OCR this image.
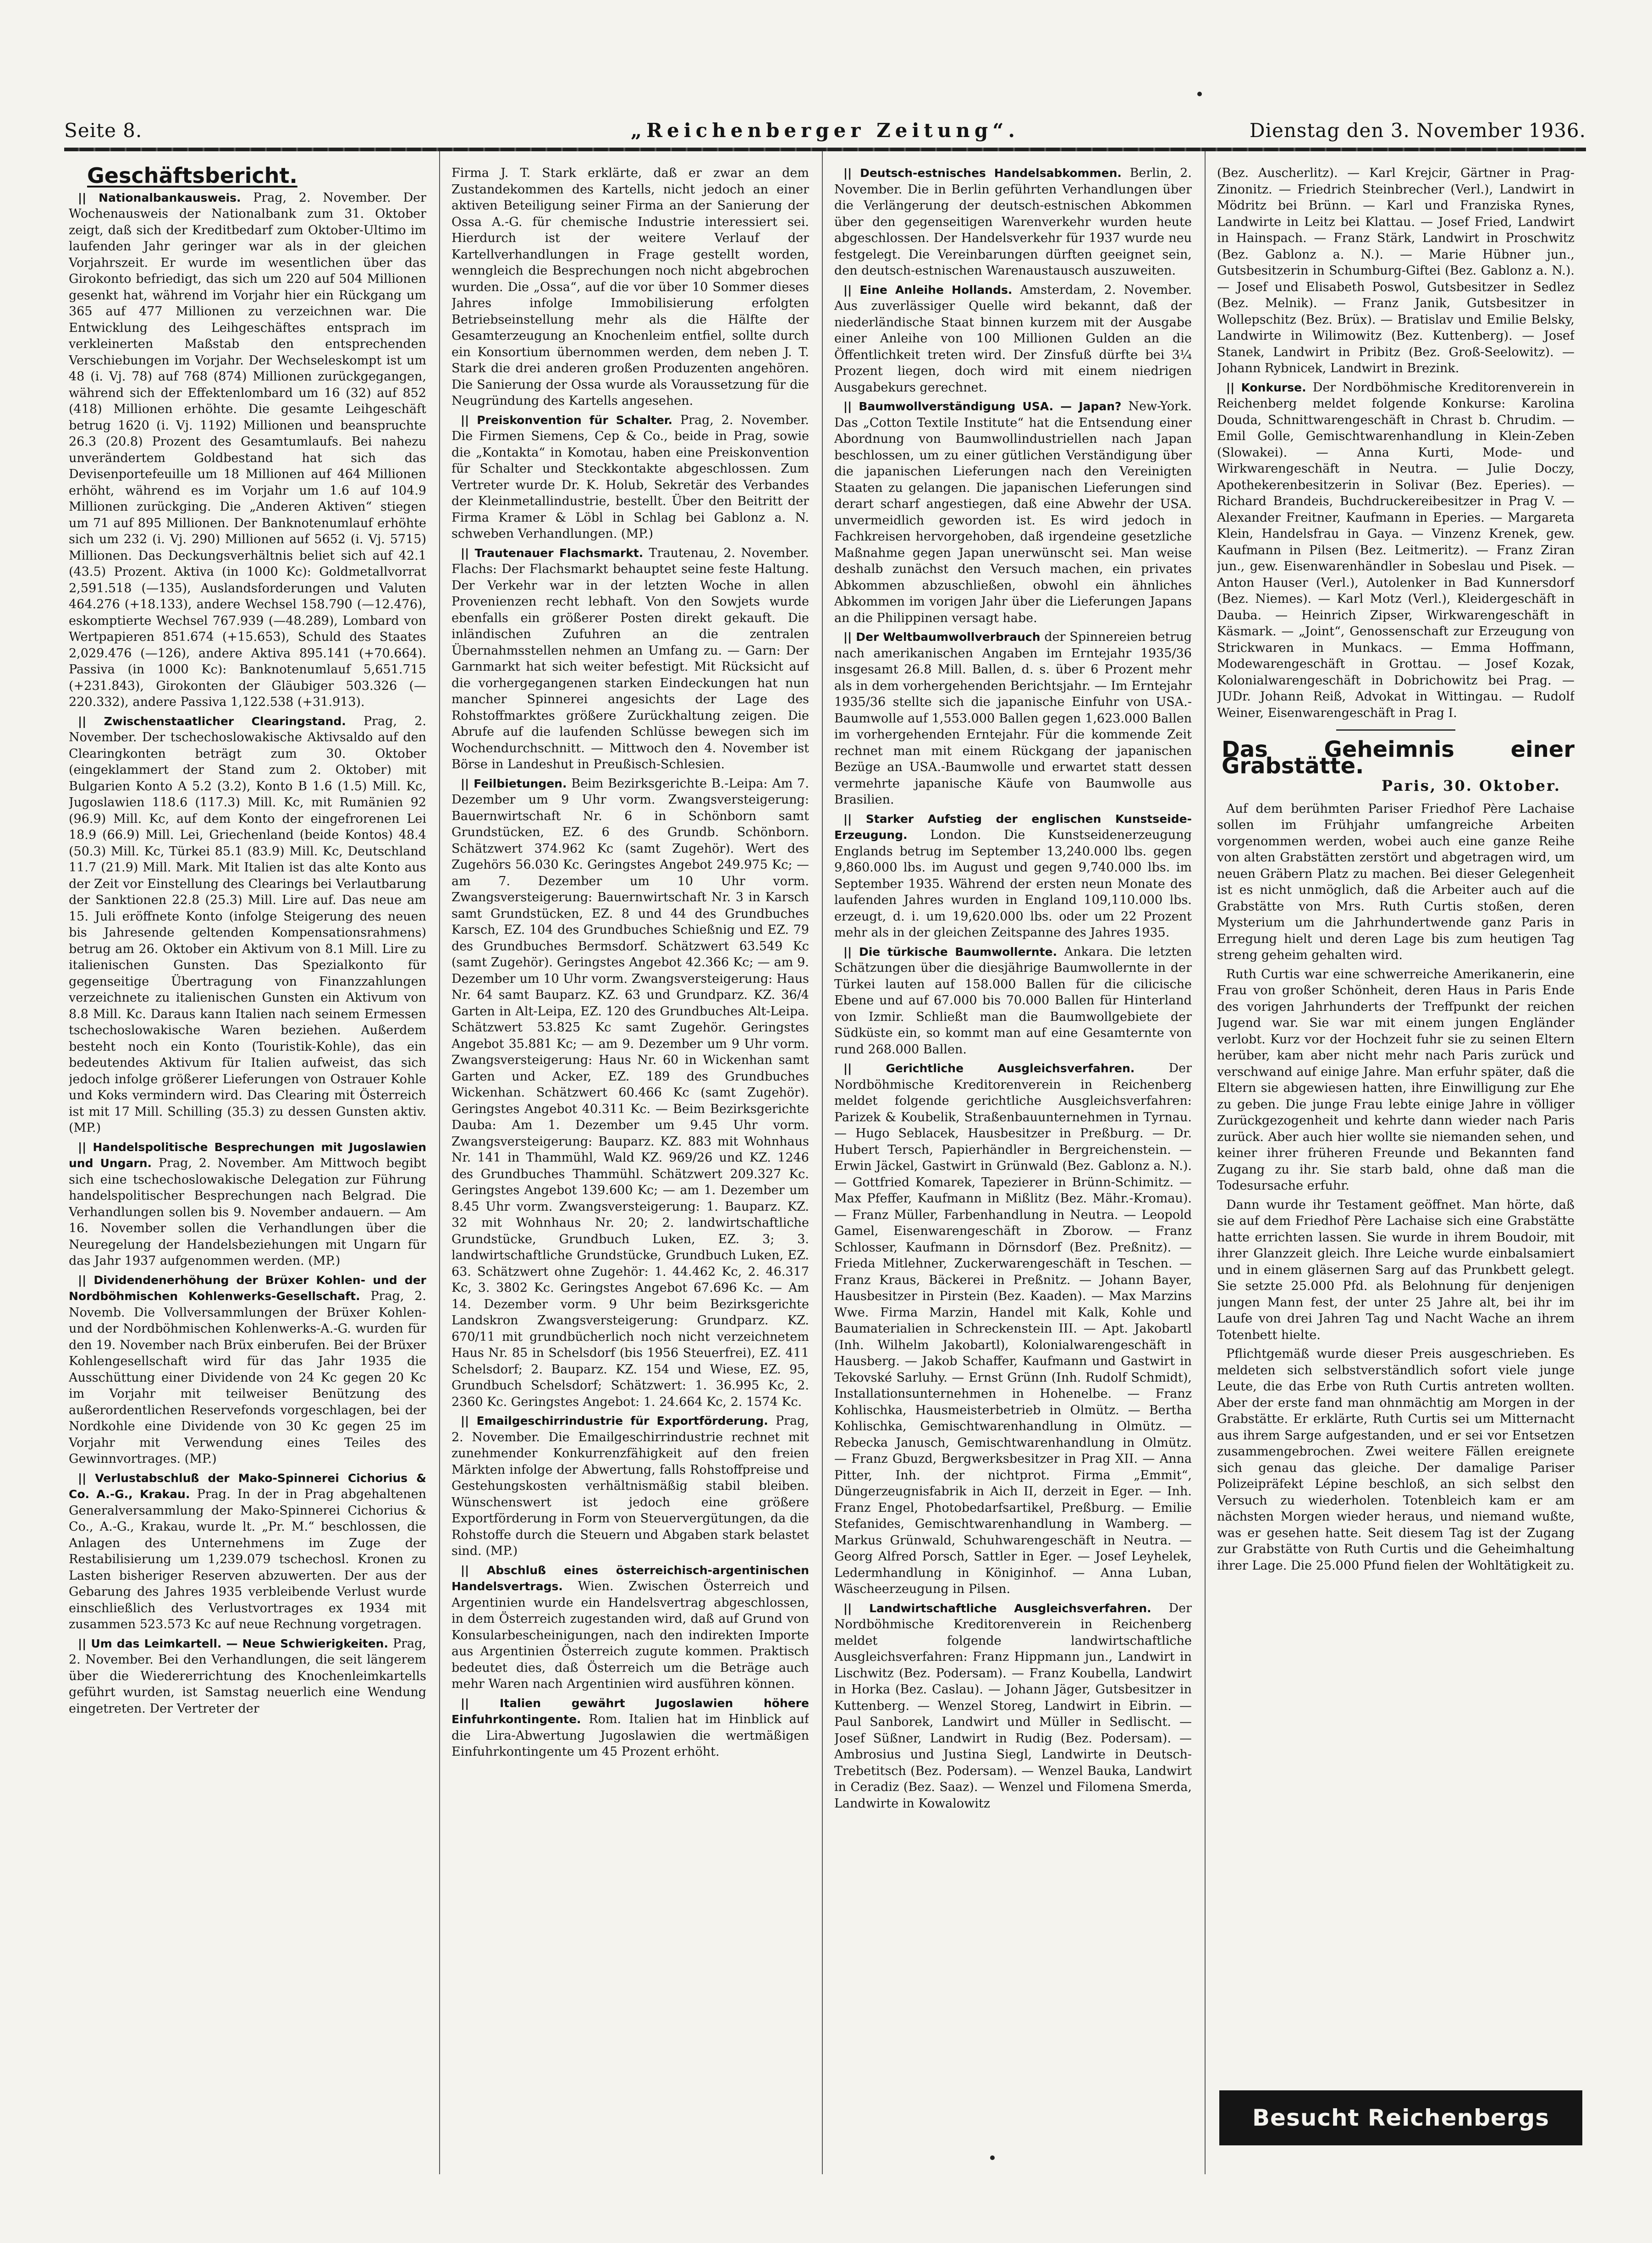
Seite 8.	„Reichenberger Zeitung“.	Dienstag den 3. November 1936.
Geschäftsbericht.

|| Nationalbankausweis. Prag, 2. November. Der Wochenausweis der Nationalbank zum 31. Oktober zeigt, daß sich der Kreditbedarf zum Oktober-Ultimo im laufenden Jahr geringer war als in der gleichen Vorjahrszeit. Er wurde im wesentlichen über das Girokonto befriedigt, das sich um 220 auf 504 Millionen gesenkt hat, während im Vorjahr hier ein Rückgang um 365 auf 477 Millionen zu verzeichnen war. Die Entwicklung des Leihgeschäftes entsprach im verkleinerten Maßstab den entsprechenden Verschiebungen im Vorjahr. Der Wechseleskompt ist um 48 (i. Vj. 78) auf 768 (874) Millionen zurückgegangen, während sich der Effektenlombard um 16 (32) auf 852 (418) Millionen erhöhte. Die gesamte Leihgeschäft betrug 1620 (i. Vj. 1192) Millionen und beanspruchte 26.3 (20.8) Prozent des Gesamtumlaufs. Bei nahezu unverändertem Goldbestand hat sich das Devisenportefeuille um 18 Millionen auf 464 Millionen erhöht, während es im Vorjahr um 1.6 auf 104.9 Millionen zurückging. Die „Anderen Aktiven“ stiegen um 71 auf 895 Millionen. Der Banknotenumlauf erhöhte sich um 232 (i. Vj. 290) Millionen auf 5652 (i. Vj. 5715) Millionen. Das Deckungsverhältnis beliet sich auf 42.1 (43.5) Prozent. Aktiva (in 1000 Kc): Goldmetallvorrat 2,591.518 (—135), Auslandsforderungen und Valuten 464.276 (+18.133), andere Wechsel 158.790 (—12.476), eskomptierte Wechsel 767.939 (—48.289), Lombard von Wertpapieren 851.674 (+15.653), Schuld des Staates 2,029.476 (—126), andere Aktiva 895.141 (+70.664). Passiva (in 1000 Kc): Banknotenumlauf 5,651.715 (+231.843), Girokonten der Gläubiger 503.326 (—220.332), andere Passiva 1,122.538 (+31.913).

|| Zwischenstaatlicher Clearingstand. Prag, 2. November. Der tschechoslowakische Aktivsaldo auf den Clearingkonten beträgt zum 30. Oktober (eingeklammert der Stand zum 2. Oktober) mit Bulgarien Konto A 5.2 (3.2), Konto B 1.6 (1.5) Mill. Kc, Jugoslawien 118.6 (117.3) Mill. Kc, mit Rumänien 92 (96.9) Mill. Kc, auf dem Konto der eingefrorenen Lei 18.9 (66.9) Mill. Lei, Griechenland (beide Kontos) 48.4 (50.3) Mill. Kc, Türkei 85.1 (83.9) Mill. Kc, Deutschland 11.7 (21.9) Mill. Mark. Mit Italien ist das alte Konto aus der Zeit vor Einstellung des Clearings bei Verlautbarung der Sanktionen 22.8 (25.3) Mill. Lire auf. Das neue am 15. Juli eröffnete Konto (infolge Steigerung des neuen bis Jahresende geltenden Kompensationsrahmens) betrug am 26. Oktober ein Aktivum von 8.1 Mill. Lire zu italienischen Gunsten. Das Spezialkonto für gegenseitige Übertragung von Finanzzahlungen verzeichnete zu italienischen Gunsten ein Aktivum von 8.8 Mill. Kc. Daraus kann Italien nach seinem Ermessen tschechoslowakische Waren beziehen. Außerdem besteht noch ein Konto (Touristik-Kohle), das ein bedeutendes Aktivum für Italien aufweist, das sich jedoch infolge größerer Lieferungen von Ostrauer Kohle und Koks vermindern wird. Das Clearing mit Österreich ist mit 17 Mill. Schilling (35.3) zu dessen Gunsten aktiv. (MP.)

|| Handelspolitische Besprechungen mit Jugoslawien und Ungarn. Prag, 2. November. Am Mittwoch begibt sich eine tschechoslowakische Delegation zur Führung handelspolitischer Besprechungen nach Belgrad. Die Verhandlungen sollen bis 9. November andauern. — Am 16. November sollen die Verhandlungen über die Neuregelung der Handelsbeziehungen mit Ungarn für das Jahr 1937 aufgenommen werden. (MP.)

|| Dividendenerhöhung der Brüxer Kohlen- und der Nordböhmischen Kohlenwerks-Gesellschaft. Prag, 2. Novemb. Die Vollversammlungen der Brüxer Kohlen- und der Nordböhmischen Kohlenwerks-A.-G. wurden für den 19. November nach Brüx einberufen. Bei der Brüxer Kohlengesellschaft wird für das Jahr 1935 die Ausschüttung einer Dividende von 24 Kc gegen 20 Kc im Vorjahr mit teilweiser Benützung des außerordentlichen Reservefonds vorgeschlagen, bei der Nordkohle eine Dividende von 30 Kc gegen 25 im Vorjahr mit Verwendung eines Teiles des Gewinnvortrages. (MP.)

|| Verlustabschluß der Mako-Spinnerei Cichorius & Co. A.-G., Krakau. Prag. In der in Prag abgehaltenen Generalversammlung der Mako-Spinnerei Cichorius & Co., A.-G., Krakau, wurde lt. „Pr. M.“ beschlossen, die Anlagen des Unternehmens im Zuge der Restabilisierung um 1,239.079 tschechosl. Kronen zu Lasten bisheriger Reserven abzuwerten. Der aus der Gebarung des Jahres 1935 verbleibende Verlust wurde einschließlich des Verlustvortrages ex 1934 mit zusammen 523.573 Kc auf neue Rechnung vorgetragen.

|| Um das Leimkartell. — Neue Schwierigkeiten. Prag, 2. November. Bei den Verhandlungen, die seit längerem über die Wiedererrichtung des Knochenleimkartells geführt wurden, ist Samstag neuerlich eine Wendung eingetreten. Der Vertreter der

Firma J. T. Stark erklärte, daß er zwar an dem Zustandekommen des Kartells, nicht jedoch an einer aktiven Beteiligung seiner Firma an der Sanierung der Ossa A.-G. für chemische Industrie interessiert sei. Hierdurch ist der weitere Verlauf der Kartellverhandlungen in Frage gestellt worden, wenngleich die Besprechungen noch nicht abgebrochen wurden. Die „Ossa“, auf die vor über 10 Sommer dieses Jahres infolge Immobilisierung erfolgten Betriebseinstellung mehr als die Hälfte der Gesamterzeugung an Knochenleim entfiel, sollte durch ein Konsortium übernommen werden, dem neben J. T. Stark die drei anderen großen Produzenten angehören. Die Sanierung der Ossa wurde als Voraussetzung für die Neugründung des Kartells angesehen.

|| Preiskonvention für Schalter. Prag, 2. November. Die Firmen Siemens, Cep & Co., beide in Prag, sowie die „Kontakta“ in Komotau, haben eine Preiskonvention für Schalter und Steckkontakte abgeschlossen. Zum Vertreter wurde Dr. K. Holub, Sekretär des Verbandes der Kleinmetallindustrie, bestellt. Über den Beitritt der Firma Kramer & Löbl in Schlag bei Gablonz a. N. schweben Verhandlungen. (MP.)

|| Trautenauer Flachsmarkt. Trautenau, 2. November. Flachs: Der Flachsmarkt behauptet seine feste Haltung. Der Verkehr war in der letzten Woche in allen Provenienzen recht lebhaft. Von den Sowjets wurde ebenfalls ein größerer Posten direkt gekauft. Die inländischen Zufuhren an die zentralen Übernahmsstellen nehmen an Umfang zu. — Garn: Der Garnmarkt hat sich weiter befestigt. Mit Rücksicht auf die vorhergegangenen starken Eindeckungen hat nun mancher Spinnerei angesichts der Lage des Rohstoffmarktes größere Zurückhaltung zeigen. Die Abrufe auf die laufenden Schlüsse bewegen sich im Wochendurchschnitt. — Mittwoch den 4. November ist Börse in Landeshut in Preußisch-Schlesien.

|| Feilbietungen. Beim Bezirksgerichte B.-Leipa: Am 7. Dezember um 9 Uhr vorm. Zwangsversteigerung: Bauernwirtschaft Nr. 6 in Schönborn samt Grundstücken, EZ. 6 des Grundb. Schönborn. Schätzwert 374.962 Kc (samt Zugehör). Wert des Zugehörs 56.030 Kc. Geringstes Angebot 249.975 Kc; — am 7. Dezember um 10 Uhr vorm. Zwangsversteigerung: Bauernwirtschaft Nr. 3 in Karsch samt Grundstücken, EZ. 8 und 44 des Grundbuches Karsch, EZ. 104 des Grundbuches Schießnig und EZ. 79 des Grundbuches Bermsdorf. Schätzwert 63.549 Kc (samt Zugehör). Geringstes Angebot 42.366 Kc; — am 9. Dezember um 10 Uhr vorm. Zwangsversteigerung: Haus Nr. 64 samt Bauparz. KZ. 63 und Grundparz. KZ. 36/4 Garten in Alt-Leipa, EZ. 120 des Grundbuches Alt-Leipa. Schätzwert 53.825 Kc samt Zugehör. Geringstes Angebot 35.881 Kc; — am 9. Dezember um 9 Uhr vorm. Zwangsversteigerung: Haus Nr. 60 in Wickenhan samt Garten und Acker, EZ. 189 des Grundbuches Wickenhan. Schätzwert 60.466 Kc (samt Zugehör). Geringstes Angebot 40.311 Kc. — Beim Bezirksgerichte Dauba: Am 1. Dezember um 9.45 Uhr vorm. Zwangsversteigerung: Bauparz. KZ. 883 mit Wohnhaus Nr. 141 in Thammühl, Wald KZ. 969/26 und KZ. 1246 des Grundbuches Thammühl. Schätzwert 209.327 Kc. Geringstes Angebot 139.600 Kc; — am 1. Dezember um 8.45 Uhr vorm. Zwangsversteigerung: 1. Bauparz. KZ. 32 mit Wohnhaus Nr. 20; 2. landwirtschaftliche Grundstücke, Grundbuch Luken, EZ. 3; 3. landwirtschaftliche Grundstücke, Grundbuch Luken, EZ. 63. Schätzwert ohne Zugehör: 1. 44.462 Kc, 2. 46.317 Kc, 3. 3802 Kc. Geringstes Angebot 67.696 Kc. — Am 14. Dezember vorm. 9 Uhr beim Bezirksgerichte Landskron Zwangsversteigerung: Grundparz. KZ. 670/11 mit grundbücherlich noch nicht verzeichnetem Haus Nr. 85 in Schelsdorf (bis 1956 Steuerfrei), EZ. 411 Schelsdorf; 2. Bauparz. KZ. 154 und Wiese, EZ. 95, Grundbuch Schelsdorf; Schätzwert: 1. 36.995 Kc, 2. 2360 Kc. Geringstes Angebot: 1. 24.664 Kc, 2. 1574 Kc.

|| Emailgeschirrindustrie für Exportförderung. Prag, 2. November. Die Emailgeschirrindustrie rechnet mit zunehmender Konkurrenzfähigkeit auf den freien Märkten infolge der Abwertung, falls Rohstoffpreise und Gestehungskosten verhältnismäßig stabil bleiben. Wünschenswert ist jedoch eine größere Exportförderung in Form von Steuervergütungen, da die Rohstoffe durch die Steuern und Abgaben stark belastet sind. (MP.)

|| Abschluß eines österreichisch-argentinischen Handelsvertrags. Wien. Zwischen Österreich und Argentinien wurde ein Handelsvertrag abgeschlossen, in dem Österreich zugestanden wird, daß auf Grund von Konsularbescheinigungen, nach den indirekten Importe aus Argentinien Österreich zugute kommen. Praktisch bedeutet dies, daß Österreich um die Beträge auch mehr Waren nach Argentinien wird ausführen können.

|| Italien gewährt Jugoslawien höhere Einfuhrkontingente. Rom. Italien hat im Hinblick auf die Lira-Abwertung Jugoslawien die wertmäßigen Einfuhrkontingente um 45 Prozent erhöht.

|| Deutsch-estnisches Handelsabkommen. Berlin, 2. November. Die in Berlin geführten Verhandlungen über die Verlängerung der deutsch-estnischen Abkommen über den gegenseitigen Warenverkehr wurden heute abgeschlossen. Der Handelsverkehr für 1937 wurde neu festgelegt. Die Vereinbarungen dürften geeignet sein, den deutsch-estnischen Warenaustausch auszuweiten.

|| Eine Anleihe Hollands. Amsterdam, 2. November. Aus zuverlässiger Quelle wird bekannt, daß der niederländische Staat binnen kurzem mit der Ausgabe einer Anleihe von 100 Millionen Gulden an die Öffentlichkeit treten wird. Der Zinsfuß dürfte bei 3¼ Prozent liegen, doch wird mit einem niedrigen Ausgabekurs gerechnet.

|| Baumwollverständigung USA. — Japan? New-York. Das „Cotton Textile Institute“ hat die Entsendung einer Abordnung von Baumwollindustriellen nach Japan beschlossen, um zu einer gütlichen Verständigung über die japanischen Lieferungen nach den Vereinigten Staaten zu gelangen. Die japanischen Lieferungen sind derart scharf angestiegen, daß eine Abwehr der USA. unvermeidlich geworden ist. Es wird jedoch in Fachkreisen hervorgehoben, daß irgendeine gesetzliche Maßnahme gegen Japan unerwünscht sei. Man weise deshalb zunächst den Versuch machen, ein privates Abkommen abzuschließen, obwohl ein ähnliches Abkommen im vorigen Jahr über die Lieferungen Japans an die Philippinen versagt habe.

|| Der Weltbaumwollverbrauch der Spinnereien betrug nach amerikanischen Angaben im Erntejahr 1935/36 insgesamt 26.8 Mill. Ballen, d. s. über 6 Prozent mehr als in dem vorhergehenden Berichtsjahr. — Im Erntejahr 1935/36 stellte sich die japanische Einfuhr von USA.-Baumwolle auf 1,553.000 Ballen gegen 1,623.000 Ballen im vorhergehenden Erntejahr. Für die kommende Zeit rechnet man mit einem Rückgang der japanischen Bezüge an USA.-Baumwolle und erwartet statt dessen vermehrte japanische Käufe von Baumwolle aus Brasilien.

|| Starker Aufstieg der englischen Kunstseide-Erzeugung. London. Die Kunstseidenerzeugung Englands betrug im September 13,240.000 lbs. gegen 9,860.000 lbs. im August und gegen 9,740.000 lbs. im September 1935. Während der ersten neun Monate des laufenden Jahres wurden in England 109,110.000 lbs. erzeugt, d. i. um 19,620.000 lbs. oder um 22 Prozent mehr als in der gleichen Zeitspanne des Jahres 1935.

|| Die türkische Baumwollernte. Ankara. Die letzten Schätzungen über die diesjährige Baumwollernte in der Türkei lauten auf 158.000 Ballen für die cilicische Ebene und auf 67.000 bis 70.000 Ballen für Hinterland von Izmir. Schließt man die Baumwollgebiete der Südküste ein, so kommt man auf eine Gesamternte von rund 268.000 Ballen.

|| Gerichtliche Ausgleichsverfahren.	Der Nordböhmische Kreditorenverein in Reichenberg meldet folgende gerichtliche Ausgleichsverfahren: Parizek & Koubelik, Straßenbauunternehmen in Tyrnau. — Hugo Seblacek, Hausbesitzer in Preßburg. — Dr. Hubert Tersch, Papierhändler in Bergreichenstein. — Erwin Jäckel, Gastwirt in Grünwald (Bez. Gablonz a. N.). — Gottfried Komarek, Tapezierer in Brünn-Schimitz. — Max Pfeffer, Kaufmann in Mißlitz (Bez. Mähr.-Kromau). — Franz Müller, Farbenhandlung in Neutra. — Leopold Gamel, Eisenwarengeschäft in Zborow. — Franz Schlosser, Kaufmann in Dörnsdorf (Bez. Preßnitz). — Frieda Mitlehner, Zuckerwarengeschäft in Teschen. — Franz Kraus, Bäckerei in Preßnitz. — Johann Bayer, Hausbesitzer in Pirstein (Bez. Kaaden). — Max Marzins Wwe. Firma Marzin, Handel mit Kalk, Kohle und Baumaterialien in Schreckenstein III. — Apt. Jakobartl (Inh. Wilhelm Jakobartl), Kolonialwarengeschäft in Hausberg. — Jakob Schaffer, Kaufmann und Gastwirt in Tekovské Sarluhy. — Ernst Grünn (Inh. Rudolf Schmidt), Installationsunternehmen in Hohenelbe. — Franz Kohlischka, Hausmeisterbetrieb in Olmütz. — Bertha Kohlischka, Gemischtwarenhandlung in Olmütz. — Rebecka Janusch, Gemischtwarenhandlung in Olmütz. — Franz Gbuzd, Bergwerksbesitzer in Prag XII. — Anna Pitter, Inh. der nichtprot. Firma „Emmit“, Düngerzeugnisfabrik in Aich II, derzeit in Eger. — Inh. Franz Engel, Photobedarfsartikel, Preßburg. — Emilie Stefanides, Gemischtwarenhandlung in Wamberg. — Markus Grünwald, Schuhwarengeschäft in Neutra. — Georg Alfred Porsch, Sattler in Eger. — Josef Leyhelek, Ledermhandlung in Königinhof. — Anna Luban, Wäscheerzeugung in Pilsen.

|| Landwirtschaftliche Ausgleichsverfahren. Der Nordböhmische Kreditorenverein in Reichenberg meldet folgende landwirtschaftliche Ausgleichsverfahren: Franz Hippmann jun., Landwirt in Lischwitz (Bez. Podersam). — Franz Koubella, Landwirt in Horka (Bez. Caslau). — Johann Jäger, Gutsbesitzer in Kuttenberg. — Wenzel Storeg, Landwirt in Eibrin. — Paul Sanborek, Landwirt und Müller in Sedlischt. — Josef Süßner, Landwirt in Rudig (Bez. Podersam). — Ambrosius und Justina Siegl, Landwirte in Deutsch-Trebetitsch (Bez. Podersam). — Wenzel Bauka, Landwirt in Ceradiz (Bez. Saaz). — Wenzel und Filomena Smerda, Landwirte in Kowalowitz

(Bez. Auscherlitz). — Karl Krejcir, Gärtner in Prag-Zinonitz. — Friedrich Steinbrecher (Verl.), Landwirt in Mödritz bei Brünn. — Karl und Franziska Rynes, Landwirte in Leitz bei Klattau. — Josef Fried, Landwirt in Hainspach. — Franz Stärk, Landwirt in Proschwitz (Bez. Gablonz a. N.). — Marie Hübner jun., Gutsbesitzerin in Schumburg-Giftei (Bez. Gablonz a. N.). — Josef und Elisabeth Poswol, Gutsbesitzer in Sedlez (Bez. Melnik). — Franz Janik, Gutsbesitzer in Wollepschitz (Bez. Brüx). — Bratislav und Emilie Belsky, Landwirte in Wilimowitz (Bez. Kuttenberg). — Josef Stanek, Landwirt in Pribitz (Bez. Groß-Seelowitz). — Johann Rybnicek, Landwirt in Brezink.

|| Konkurse. Der Nordböhmische Kreditorenverein in Reichenberg meldet folgende Konkurse: Karolina Douda, Schnittwarengeschäft in Chrast b. Chrudim. — Emil Golle, Gemischtwarenhandlung in Klein-Zeben (Slowakei). — Anna Kurti, Mode- und Wirkwarengeschäft in Neutra. — Julie Doczy, Apothekerenbesitzerin in Solivar (Bez. Eperies). — Richard Brandeis, Buchdruckereibesitzer in Prag V. — Alexander Freitner, Kaufmann in Eperies. — Margareta Klein, Handelsfrau in Gaya. — Vinzenz Krenek, gew. Kaufmann in Pilsen (Bez. Leitmeritz). — Franz Ziran jun., gew. Eisenwarenhändler in Sobeslau und Pisek. — Anton Hauser (Verl.), Autolenker in Bad Kunnersdorf (Bez. Niemes). — Karl Motz (Verl.), Kleidergeschäft in Dauba. — Heinrich Zipser, Wirkwarengeschäft in Käsmark. — „Joint“, Genossenschaft zur Erzeugung von Strickwaren in Munkacs. — Emma Hoffmann, Modewarengeschäft in Grottau. — Josef Kozak, Kolonialwarengeschäft in Dobrichowitz bei Prag. — JUDr. Johann Reiß, Advokat in Wittingau. — Rudolf Weiner, Eisenwarengeschäft in Prag I.

Das Geheimnis einer Grabstätte.
Paris, 30. Oktober.

Auf dem berühmten Pariser Friedhof Père Lachaise sollen im Frühjahr umfangreiche Arbeiten vorgenommen werden, wobei auch eine ganze Reihe von alten Grabstätten zerstört und abgetragen wird, um neuen Gräbern Platz zu machen. Bei dieser Gelegenheit ist es nicht unmöglich, daß die Arbeiter auch auf die Grabstätte von Mrs. Ruth Curtis stoßen, deren Mysterium um die Jahrhundertwende ganz Paris in Erregung hielt und deren Lage bis zum heutigen Tag streng geheim gehalten wird.

Ruth Curtis war eine schwerreiche Amerikanerin, eine Frau von großer Schönheit, deren Haus in Paris Ende des vorigen Jahrhunderts der Treffpunkt der reichen Jugend war. Sie war mit einem jungen Engländer verlobt. Kurz vor der Hochzeit fuhr sie zu seinen Eltern herüber, kam aber nicht mehr nach Paris zurück und verschwand auf einige Jahre. Man erfuhr später, daß die Eltern sie abgewiesen hatten, ihre Einwilligung zur Ehe zu geben. Die junge Frau lebte einige Jahre in völliger Zurückgezogenheit und kehrte dann wieder nach Paris zurück. Aber auch hier wollte sie niemanden sehen, und keiner ihrer früheren Freunde und Bekannten fand Zugang zu ihr. Sie starb bald, ohne daß man die Todesursache erfuhr.

Dann wurde ihr Testament geöffnet. Man hörte, daß sie auf dem Friedhof Père Lachaise sich eine Grabstätte hatte errichten lassen. Sie wurde in ihrem Boudoir, mit ihrer Glanzzeit gleich. Ihre Leiche wurde einbalsamiert und in einem gläsernen Sarg auf das Prunkbett gelegt. Sie setzte 25.000 Pfd. als Belohnung für denjenigen jungen Mann fest, der unter 25 Jahre alt, bei ihr im Laufe von drei Jahren Tag und Nacht Wache an ihrem Totenbett hielte.

Pflichtgemäß wurde dieser Preis ausgeschrieben. Es meldeten sich selbstverständlich sofort viele junge Leute, die das Erbe von Ruth Curtis antreten wollten. Aber der erste fand man ohnmächtig am Morgen in der Grabstätte. Er erklärte, Ruth Curtis sei um Mitternacht aus ihrem Sarge aufgestanden, und er sei vor Entsetzen zusammengebrochen. Zwei weitere Fällen ereignete sich genau das gleiche. Der damalige Pariser Polizeipräfekt Lépine beschloß, an sich selbst den Versuch zu wiederholen. Totenbleich kam er am nächsten Morgen wieder heraus, und niemand wußte, was er gesehen hatte. Seit diesem Tag ist der Zugang zur Grabstätte von Ruth Curtis und die Geheimhaltung ihrer Lage. Die 25.000 Pfund fielen der Wohltätigkeit zu.

Besucht Reichenbergs Tiergarten!
